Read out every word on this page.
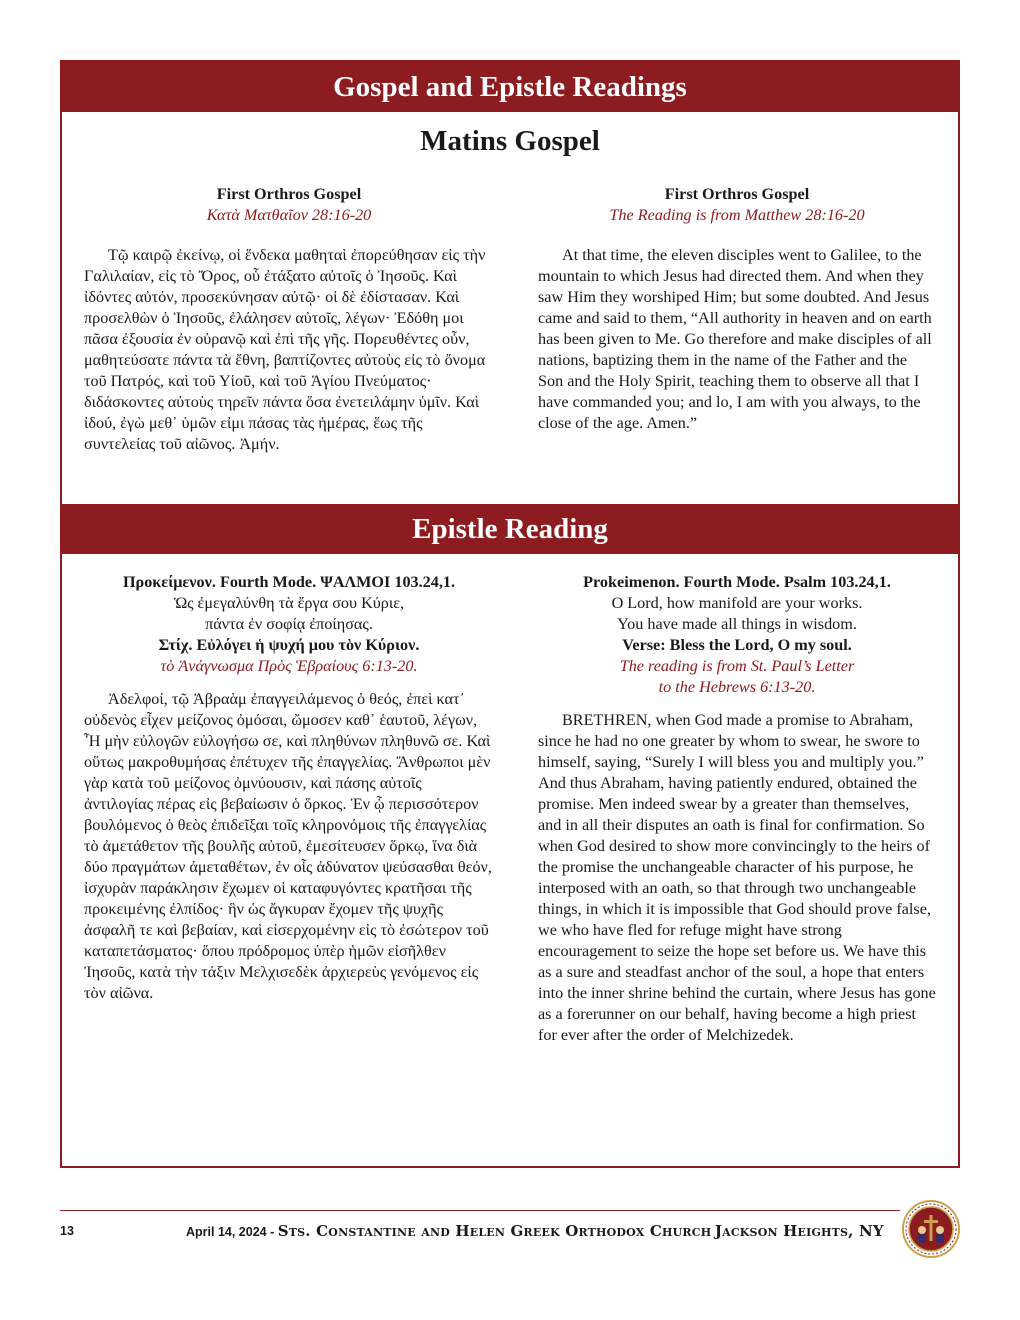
Gospel and Epistle Readings
Matins Gospel
First Orthros Gospel
Κατὰ Ματθαῖον 28:16-20

Τῷ καιρῷ ἐκείνῳ, οἱ ἕνδεκα μαθηταὶ ἐπορεύθησαν εἰς τὴν Γαλιλαίαν, εἰς τὸ Ὄρος, οὗ ἐτάξατο αὐτοῖς ὁ Ἰησοῦς. Καὶ ἰδόντες αὐτόν, προσεκύνησαν αὐτῷ· οἱ δὲ ἐδίστασαν. Καὶ προσελθὼν ὁ Ἰησοῦς, ἐλάλησεν αὐτοῖς, λέγων· Ἐδόθη μοι πᾶσα ἐξουσία ἐν οὐρανῷ καὶ ἐπὶ τῆς γῆς. Πορευθέντες οὖν, μαθητεύσατε πάντα τὰ ἔθνη, βαπτίζοντες αὐτοὺς εἰς τὸ ὄνομα τοῦ Πατρός, καὶ τοῦ Υἱοῦ, καὶ τοῦ Ἁγίου Πνεύματος· διδάσκοντες αὐτοὺς τηρεῖν πάντα ὅσα ἐνετειλάμην ὑμῖν. Καὶ ἰδού, ἐγὼ μεθ᾽ ὑμῶν εἰμι πάσας τὰς ἡμέρας, ἕως τῆς συντελείας τοῦ αἰῶνος. Ἀμήν.

First Orthros Gospel
The Reading is from Matthew 28:16-20

At that time, the eleven disciples went to Galilee, to the mountain to which Jesus had directed them. And when they saw Him they worshiped Him; but some doubted. And Jesus came and said to them, “All authority in heaven and on earth has been given to Me. Go therefore and make disciples of all nations, baptizing them in the name of the Father and the Son and the Holy Spirit, teaching them to observe all that I have commanded you; and lo, I am with you always, to the close of the age. Amen.”

Epistle Reading
Προκείμενον. Fourth Mode. ΨΑΛΜΟΙ 103.24,1.
Ὡς ἐμεγαλύνθη τὰ ἔργα σου Κύριε,
πάντα ἐν σοφίᾳ ἐποίησας.
Στίχ. Εὐλόγει ἡ ψυχή μου τὸν Κύριον.
τὸ Ἀνάγνωσμα Πρὸς Ἑβραίους 6:13-20.

Ἀδελφοί, τῷ Ἀβραὰμ ἐπαγγειλάμενος ὁ θεός, ἐπεὶ κατ᾽ οὐδενὸς εἶχεν μείζονος ὀμόσαι, ὤμοσεν καθ᾽ ἑαυτοῦ, λέγων, Ἦ μὴν εὐλογῶν εὐλογήσω σε, καὶ πληθύνων πληθυνῶ σε. Καὶ οὕτως μακροθυμήσας ἐπέτυχεν τῆς ἐπαγγελίας. Ἄνθρωποι μὲν γὰρ κατὰ τοῦ μείζονος ὀμνύουσιν, καὶ πάσης αὐτοῖς ἀντιλογίας πέρας εἰς βεβαίωσιν ὁ ὅρκος. Ἐν ᾧ περισσότερον βουλόμενος ὁ θεὸς ἐπιδεῖξαι τοῖς κληρονόμοις τῆς ἐπαγγελίας τὸ ἀμετάθετον τῆς βουλῆς αὐτοῦ, ἐμεσίτευσεν ὅρκῳ, ἵνα διὰ δύο πραγμάτων ἀμεταθέτων, ἐν οἷς ἀδύνατον ψεύσασθαι θεόν, ἰσχυρὰν παράκλησιν ἔχωμεν οἱ καταφυγόντες κρατῆσαι τῆς προκειμένης ἐλπίδος· ἣν ὡς ἄγκυραν ἔχομεν τῆς ψυχῆς ἀσφαλῆ τε καὶ βεβαίαν, καὶ εἰσερχομένην εἰς τὸ ἐσώτερον τοῦ καταπετάσματος· ὅπου πρόδρομος ὑπὲρ ἡμῶν εἰσῆλθεν Ἰησοῦς, κατὰ τὴν τάξιν Μελχισεδὲκ ἀρχιερεὺς γενόμενος εἰς τὸν αἰῶνα.

Prokeimenon. Fourth Mode. Psalm 103.24,1.
O Lord, how manifold are your works.
You have made all things in wisdom.
Verse: Bless the Lord, O my soul.
The reading is from St. Paul’s Letter
to the Hebrews 6:13-20.

BRETHREN, when God made a promise to Abraham, since he had no one greater by whom to swear, he swore to himself, saying, “Surely I will bless you and multiply you.” And thus Abraham, having patiently endured, obtained the promise. Men indeed swear by a greater than themselves, and in all their disputes an oath is final for confirmation. So when God desired to show more convincingly to the heirs of the promise the unchangeable character of his purpose, he interposed with an oath, so that through two unchangeable things, in which it is impossible that God should prove false, we who have fled for refuge might have strong encouragement to seize the hope set before us. We have this as a sure and steadfast anchor of the soul, a hope that enters into the inner shrine behind the curtain, where Jesus has gone as a forerunner on our behalf, having become a high priest for ever after the order of Melchizedek.

13	April 14, 2024 - Sts. Constantine and Helen Greek Orthodox Church Jackson Heights, NY
